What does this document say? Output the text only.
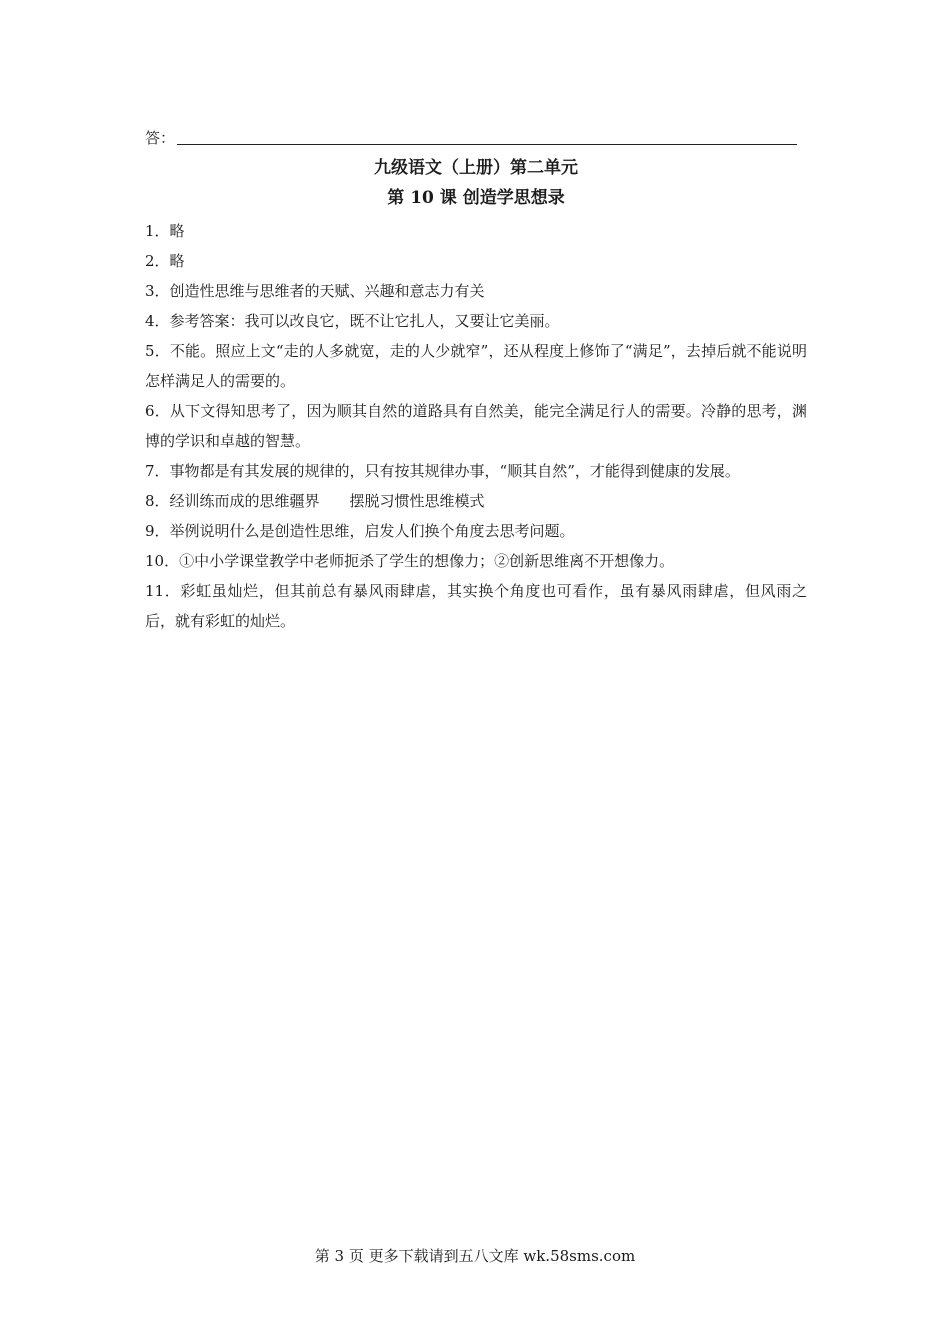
答：
九级语文（上册）第二单元
第 10 课 创造学思想录
1．略
2．略
3．创造性思维与思维者的天赋、兴趣和意志力有关
4．参考答案：我可以改良它，既不让它扎人，又要让它美丽。
5．不能。照应上文“走的人多就宽，走的人少就窄”，还从程度上修饰了“满足”，去掉后就不能说明怎样满足人的需要的。
6．从下文得知思考了，因为顺其自然的道路具有自然美，能完全满足行人的需要。冷静的思考，渊博的学识和卓越的智慧。
7．事物都是有其发展的规律的，只有按其规律办事，“顺其自然”，才能得到健康的发展。
8．经训练而成的思维疆界　　摆脱习惯性思维模式
9．举例说明什么是创造性思维，启发人们换个角度去思考问题。
10．①中小学课堂教学中老师扼杀了学生的想像力；②创新思维离不开想像力。
11．彩虹虽灿烂，但其前总有暴风雨肆虐，其实换个角度也可看作，虽有暴风雨肆虐，但风雨之后，就有彩虹的灿烂。
第 3 页 更多下载请到五八文库 wk.58sms.com
